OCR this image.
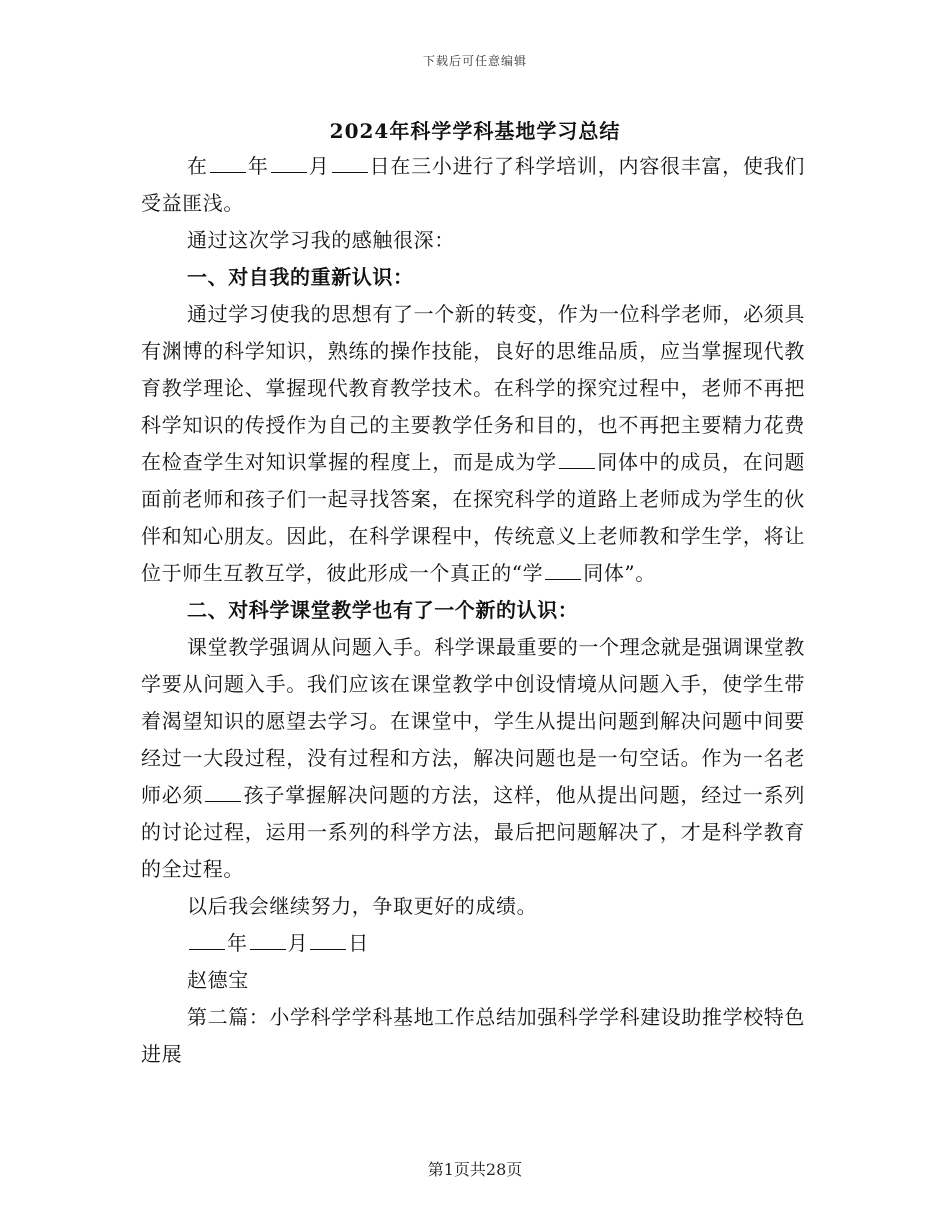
下载后可任意编辑
2024年科学学科基地学习总结

在 年 月 日在三小进行了科学培训，内容很丰富，使我们受益匪浅。

通过这次学习我的感触很深：

一、对自我的重新认识：

通过学习使我的思想有了一个新的转变，作为一位科学老师，必须具有渊博的科学知识，熟练的操作技能，良好的思维品质，应当掌握现代教育教学理论、掌握现代教育教学技术。在科学的探究过程中，老师不再把科学知识的传授作为自己的主要教学任务和目的，也不再把主要精力花费在检查学生对知识掌握的程度上，而是成为学 同体中的成员，在问题面前老师和孩子们一起寻找答案，在探究科学的道路上老师成为学生的伙伴和知心朋友。因此，在科学课程中，传统意义上老师教和学生学，将让位于师生互教互学，彼此形成一个真正的“学 同体”。

二、对科学课堂教学也有了一个新的认识：

课堂教学强调从问题入手。科学课最重要的一个理念就是强调课堂教学要从问题入手。我们应该在课堂教学中创设情境从问题入手，使学生带着渴望知识的愿望去学习。在课堂中，学生从提出问题到解决问题中间要经过一大段过程，没有过程和方法，解决问题也是一句空话。作为一名老师必须 孩子掌握解决问题的方法，这样，他从提出问题，经过一系列的讨论过程，运用一系列的科学方法，最后把问题解决了，才是科学教育的全过程。

以后我会继续努力，争取更好的成绩。

年 月 日

赵德宝

第二篇：小学科学学科基地工作总结加强科学学科建设助推学校特色进展

第1页共28页
